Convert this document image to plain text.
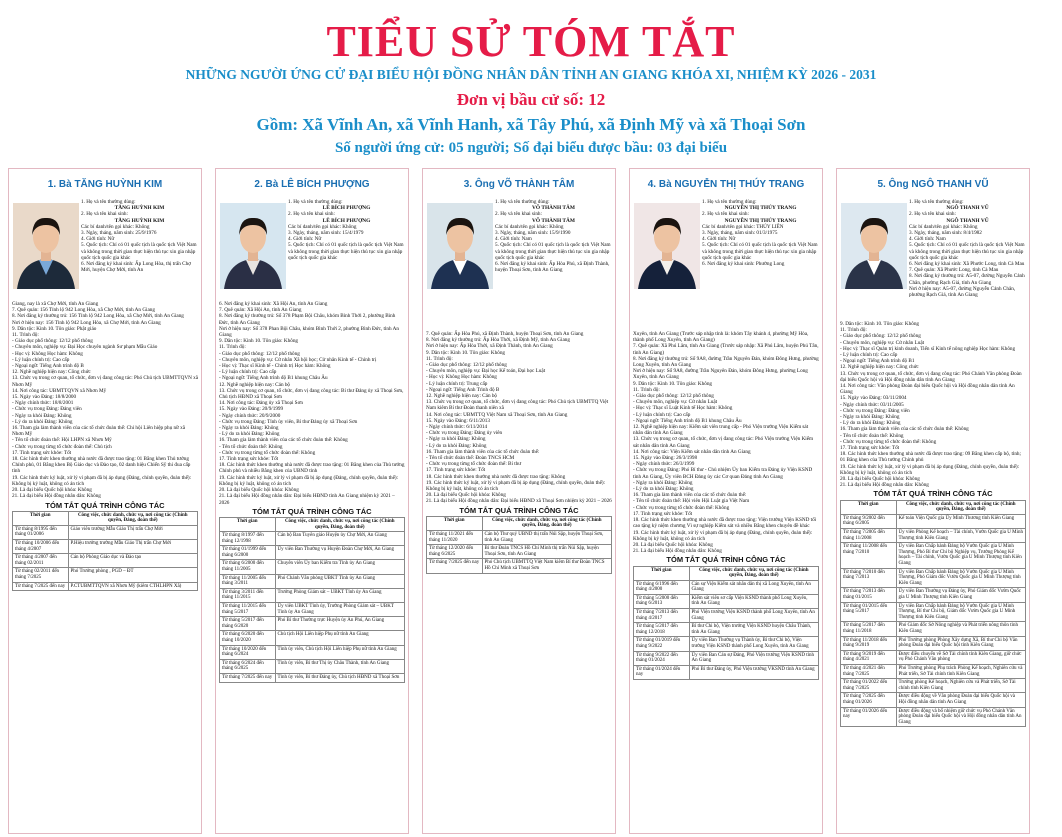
TIỂU SỬ TÓM TẮT
NHỮNG NGƯỜI ỨNG CỬ ĐẠI BIỂU HỘI ĐỒNG NHÂN DÂN TỈNH AN GIANG KHÓA XI, NHIỆM KỲ 2026 - 2031
Đơn vị bầu cử số: 12
Gồm: Xã Vĩnh An, xã Vĩnh Hanh, xã Tây Phú, xã Định Mỹ và xã Thoại Sơn
Số người ứng cử: 05 người; Số đại biểu được bầu: 03 đại biểu
1. Bà TĂNG HUỲNH KIM
1. Họ và tên thường dùng:
TĂNG HUỲNH KIM
2. Họ và tên khai sinh:
TĂNG HUỲNH KIM
Các bí danh/tên gọi khác: Không
3. Ngày, tháng, năm sinh: 25/9/1976
4. Giới tính: Nữ
5. Quốc tịch: Chỉ có 01 quốc tịch là quốc tịch Việt Nam và không trong thời gian thực hiện thủ tục xin gia nhập quốc tịch quốc gia khác
6. Nơi đăng ký khai sinh: Ấp Long Hòa, thị trấn Chợ Mới, huyện Chợ Mới, tỉnh An
Giang, nay là xã Chợ Mới, tỉnh An Giang
7. Quê quán: 156 Tỉnh lộ 942 Long Hòa, xã Chợ Mới, tỉnh An Giang
8. Nơi đăng ký thường trú: 156 Tỉnh lộ 942 Long Hòa, xã Chợ Mới, tỉnh An Giang
Nơi ở hiện nay: 156 Tỉnh lộ 942 Long Hòa, xã Chợ Mới, tỉnh An Giang
9. Dân tộc: Kinh 10. Tôn giáo: Phật giáo
11. Trình độ:
- Giáo dục phổ thông: 12/12 phổ thông
- Chuyên môn, nghiệp vụ: Đại Học chuyên ngành Sư phạm Mẫu Giáo
- Học vị: Không Học hàm: Không
- Lý luận chính trị: Cao cấp
- Ngoại ngữ: Tiếng Anh trình độ B
12. Nghề nghiệp hiện nay: Công chức
13. Chức vụ trong cơ quan, tổ chức, đơn vị đang công tác: Phó Chủ tịch UBMTTQVN xã Nhơn Mỹ
14. Nơi công tác: UBMTTQVN xã Nhơn Mỹ
15. Ngày vào Đảng: 18/8/2000
- Ngày chính thức: 18/8/2001
- Chức vụ trong Đảng: Đảng viên
- Ngày ra khỏi Đảng: Không
- Lý do ra khỏi Đảng: Không
16. Tham gia làm thành viên của các tổ chức đoàn thể: Chi hội Liên hiệp phụ nữ xã Nhơn Mỹ
- Tên tổ chức đoàn thể: Hội LHPN xã Nhơn Mỹ
- Chức vụ trong từng tổ chức đoàn thể: Chủ tịch
17. Tình trạng sức khỏe: Tốt
18. Các hình thức khen thưởng nhà nước đã được trao tặng: 01 Bằng khen Thủ tướng Chính phủ, 01 Bằng khen Bộ Giáo dục và Đào tạo, 02 danh hiệu Chiến Sỹ thi đua cấp tỉnh
19. Các hình thức kỷ luật, xử lý vi phạm đã bị áp dụng (Đảng, chính quyền, đoàn thể): Không bị kỷ luật, không có án tích
20. Là đại biểu Quốc hội khóa: Không
21. Là đại biểu Hội đồng nhân dân: Không
TÓM TẮT QUÁ TRÌNH CÔNG TÁC
Thời gian	Công việc, chức danh, chức vụ, nơi công tác (Chính quyền, Đảng, đoàn thể)
Từ tháng 8/1995 đến tháng 01/2006	Giáo viên trường Mẫu Giáo Thị trấn Chợ Mới
Từ tháng 10/2006 đến tháng 4/2007	P.Hiệu trưởng trường Mẫu Giáo Thị trấn Chợ Mới
Từ tháng 4/2007 đến tháng 02/2011	Cán bộ Phòng Giáo dục và Đào tạo
Từ tháng 02/2011 đến tháng 7/2025	Phó Trưởng phòng , PGD – ĐT
Từ tháng 7/2025 đến nay	P.CTUBMTTQVN xã Nhơn Mỹ (kiêm CTHLHPN Xã)
2. Bà LÊ BÍCH PHƯỢNG
1. Họ và tên thường dùng:
LÊ BÍCH PHƯỢNG
2. Họ và tên khai sinh:
LÊ BÍCH PHƯỢNG
Các bí danh/tên gọi khác: Không
3. Ngày, tháng, năm sinh: 15/4/1979
4. Giới tính: Nữ
5. Quốc tịch: Chỉ có 01 quốc tịch là quốc tịch Việt Nam và không trong thời gian thực hiện thủ tục xin gia nhập quốc tịch quốc gia khác
6. Nơi đăng ký khai sinh: Xã Hội An, tỉnh An Giang
7. Quê quán: Xã Hội An, tỉnh An Giang
8. Nơi đăng ký thường trú: Số 378 Phạm Bội Châu, khóm Bình Thới 2, phường Bình Đức, tỉnh An Giang
Nơi ở hiện nay: Số 378 Phan Bội Châu, khóm Bình Thới 2, phường Bình Đức, tỉnh An Giang
9. Dân tộc: Kinh 10. Tôn giáo: Không
11. Trình độ:
- Giáo dục phổ thông: 12/12 phổ thông
- Chuyên môn, nghiệp vụ: Cử nhân Xã hội học; Cử nhân Kinh tế - Chính trị
- Học vị: Thạc sĩ Kinh tế - Chính trị Học hàm: Không
- Lý luận chính trị: Cao cấp
- Ngoại ngữ: Tiếng Anh trình độ B1 khung Châu Âu
12. Nghề nghiệp hiện nay: Cán bộ
13. Chức vụ trong cơ quan, tổ chức, đơn vị đang công tác: Bí thư Đảng ủy xã Thoại Sơn, Chủ tịch HĐND xã Thoại Sơn
14. Nơi công tác: Đảng ủy xã Thoại Sơn
15. Ngày vào Đảng: 20/9/1999
- Ngày chính thức: 20/9/2000
- Chức vụ trong Đảng: Tỉnh ủy viên, Bí thư Đảng ủy xã Thoại Sơn
- Ngày ra khỏi Đảng: Không
- Lý do ra khỏi Đảng: Không
16. Tham gia làm thành viên của các tổ chức đoàn thể: Không
- Tên tổ chức đoàn thể: Không
- Chức vụ trong từng tổ chức đoàn thể: Không
17. Tình trạng sức khỏe: Tốt
18. Các hình thức khen thưởng nhà nước đã được trao tặng: 01 Bằng khen của Thủ tướng Chính phủ và nhiều Bằng khen của UBND tỉnh
19. Các hình thức kỷ luật, xử lý vi phạm đã bị áp dụng (Đảng, chính quyền, đoàn thể): Không bị kỷ luật, không có án tích
20. Là đại biểu Quốc hội khóa: Không
21. Là đại biểu Hội đồng nhân dân: Đại biểu HĐND tỉnh An Giang nhiệm kỳ 2021 – 2026
TÓM TẮT QUÁ TRÌNH CÔNG TÁC
Thời gian	Công việc, chức danh, chức vụ, nơi công tác (Chính quyền, Đảng, đoàn thể)
Từ tháng 8/1997 đến tháng 12/1998	Cán bộ Ban Tuyên giáo Huyện ủy Chợ Mới, An Giang
Từ tháng 01/1999 đến tháng 6/2000	Ủy viên Ban Thường vụ Huyện Đoàn Chợ Mới, An Giang
Từ tháng 6/2000 đến tháng 11/2005	Chuyên viên Ủy ban Kiểm tra Tỉnh ủy An Giang
Từ tháng 11/2005 đến tháng 3/2011	Phó Chánh Văn phòng UBKT Tỉnh ủy An Giang
Từ tháng 3/2011 đến tháng 11/2015	Trưởng Phòng Giám sát – UBKT Tỉnh ủy An Giang
Từ tháng 11/2015 đến tháng 5/2017	Ủy viên UBKT Tỉnh ủy, Trưởng Phòng Giám sát – UBKT Tỉnh ủy An Giang
Từ tháng 5/2017 đến tháng 6/2020	Phó Bí thư Thường trực Huyện ủy An Phú, An Giang
Từ tháng 6/2020 đến tháng 10/2020	Chủ tịch Hội Liên hiệp Phụ nữ tỉnh An Giang
Từ tháng 10/2020 đến tháng 6/2024	Tỉnh ủy viên, Chủ tịch Hội Liên hiệp Phụ nữ tỉnh An Giang
Từ tháng 6/2024 đến tháng 6/2025	Tỉnh ủy viên, Bí thư Thị ủy Châu Thành, tỉnh An Giang
Từ tháng 7/2025 đến nay	Tỉnh ủy viên, Bí thư Đảng ủy, Chủ tịch HĐND xã Thoại Sơn
3. Ông VÕ THÀNH TÂM
1. Họ và tên thường dùng:
VÕ THÀNH TÂM
2. Họ và tên khai sinh:
VÕ THÀNH TÂM
Các bí danh/tên gọi khác: Không
3. Ngày, tháng, năm sinh: 15/9/1990
4. Giới tính: Nam
5. Quốc tịch: Chỉ có 01 quốc tịch là quốc tịch Việt Nam và không trong thời gian thực hiện thủ tục xin gia nhập quốc tịch quốc gia khác
6. Nơi đăng ký khai sinh: Ấp Hòa Phú, xã Định Thành, huyện Thoại Sơn, tỉnh An Giang
7. Quê quán: Ấp Hòa Phú, xã Định Thành, huyện Thoại Sơn, tỉnh An Giang
8. Nơi đăng ký thường trú: Ấp Hòa Thới, xã Định Mỹ, tỉnh An Giang
Nơi ở hiện nay: Ấp Hòa Thới, xã Định Thành, tỉnh An Giang
9. Dân tộc: Kinh 10. Tôn giáo: Không
11. Trình độ:
- Giáo dục phổ thông: 12/12 phổ thông
- Chuyên môn, nghiệp vụ: Đại học Kế toán, Đại học Luật
- Học vị: Không Học hàm: Không
- Lý luận chính trị: Trung cấp
- Ngoại ngữ: Tiếng Anh Trình độ B
12. Nghề nghiệp hiện nay: Cán bộ
13. Chức vụ trong cơ quan, tổ chức, đơn vị đang công tác: Phó Chủ tịch UBMTTQ Việt Nam kiêm Bí thư Đoàn thanh niên xã
14. Nơi công tác: UBMTTQ Việt Nam xã Thoại Sơn, tỉnh An Giang
15. Ngày vào Đảng: 6/11/2013
- Ngày chính thức: 6/11/2014
- Chức vụ trong Đảng: Đảng ủy viên
- Ngày ra khỏi Đảng: Không
- Lý do ra khỏi Đảng: Không
16. Tham gia làm thành viên của các tổ chức đoàn thể:
- Tên tổ chức đoàn thể: Đoàn TNCS HCM
- Chức vụ trong từng tổ chức đoàn thể: Bí thư
17. Tình trạng sức khỏe: Tốt
18. Các hình thức khen thưởng nhà nước đã được trao tặng: Không
19. Các hình thức kỷ luật, xử lý vi phạm đã bị áp dụng (Đảng, chính quyền, đoàn thể): Không bị kỷ luật, không có án tích
20. Là đại biểu Quốc hội khóa: Không
21. Là đại biểu Hội đồng nhân dân: Đại biểu HĐND xã Thoại Sơn nhiệm kỳ 2021 – 2026
TÓM TẮT QUÁ TRÌNH CÔNG TÁC
Thời gian	Công việc, chức danh, chức vụ, nơi công tác (Chính quyền, Đảng, đoàn thể)
Từ tháng 11/2021 đến tháng 11/2020	Cán bộ Thư quý UBND thị trấn Núi Sập, huyện Thoại Sơn, tỉnh An Giang
Từ tháng 12/2020 đến tháng 6/2025	Bí thư Đoàn TNCS Hồ Chí Minh thị trấn Núi Sập, huyện Thoại Sơn, tỉnh An Giang
Từ tháng 7/2025 đến nay	Phó Chủ tịch UBMTTQ Việt Nam kiêm Bí thư Đoàn TNCS Hồ Chí Minh xã Thoại Sơn
4. Bà NGUYỄN THỊ THÚY TRANG
1. Họ và tên thường dùng:
NGUYỄN THỊ THÚY TRANG
2. Họ và tên khai sinh:
NGUYỄN THỊ THÚY TRANG
Các bí danh/tên gọi khác: THÚY LIÊN
3. Ngày, tháng, năm sinh: 01/3/1975
4. Giới tính: Nữ
5. Quốc tịch: Chỉ có 01 quốc tịch là quốc tịch Việt Nam và không trong thời gian thực hiện thủ tục xin gia nhập quốc tịch quốc gia khác
6. Nơi đăng ký khai sinh: Phường Long
Xuyên, tỉnh An Giang (Trước sáp nhập tỉnh là: khóm Tây khánh 4, phường Mỹ Hòa, thành phố Long Xuyên, tỉnh An Giang)
7. Quê quán: Xã Phú Lâm, tỉnh An Giang (Trước sáp nhập: Xã Phú Lâm, huyện Phú Tân, tỉnh An Giang)
8. Nơi đăng ký thường trú: Số 9A8, đường Trần Nguyên Đán, khóm Đông Hưng, phường Long Xuyên, tỉnh An Giang
Nơi ở hiện nay: Số 9A8, đường Trần Nguyên Đán, khóm Đông Hưng, phường Long Xuyên, tỉnh An Giang
9. Dân tộc: Kinh 10. Tôn giáo: Không
11. Trình độ:
- Giáo dục phổ thông: 12/12 phổ thông
- Chuyên môn, nghiệp vụ: Cử nhân Luật
- Học vị: Thạc sĩ Luật Kinh tế Học hàm: Không
- Lý luận chính trị: Cao cấp
- Ngoại ngữ: Tiếng Anh trình độ B1 khung Châu Âu
12. Nghề nghiệp hiện nay: Kiểm sát viên trung cấp - Phó Viện trưởng Viện Kiểm sát nhân dân tỉnh An Giang
13. Chức vụ trong cơ quan, tổ chức, đơn vị đang công tác: Phó Viện trưởng Viện Kiểm sát nhân dân tỉnh An Giang
14. Nơi công tác: Viện Kiểm sát nhân dân tỉnh An Giang
15. Ngày vào Đảng: 26/3/1998
- Ngày chính thức: 26/3/1999
- Chức vụ trong Đảng: Phó Bí thư - Chủ nhiệm Ủy ban Kiểm tra Đảng ủy Viện KSND tỉnh An Giang, Ủy viên BCH Đảng ủy các Cơ quan Đảng tỉnh An Giang
- Ngày ra khỏi Đảng: Không
- Lý do ra khỏi Đảng: Không
16. Tham gia làm thành viên của các tổ chức đoàn thể:
- Tên tổ chức đoàn thể: Hội viên Hội Luật gia Việt Nam
- Chức vụ trong từng tổ chức đoàn thể: Không
17. Tình trạng sức khỏe: Tốt
18. Các hình thức khen thưởng nhà nước đã được trao tặng: Viện trưởng Viện KSND tối cao tặng kỷ niệm chương Vì sự nghiệp Kiểm sát và nhiều Bằng khen chuyên đề khác
19. Các hình thức kỷ luật, xử lý vi phạm đã bị áp dụng (Đảng, chính quyền, đoàn thể): Không bị kỷ luật, không có án tích
20. Là đại biểu Quốc hội khóa: Không
21. Là đại biểu Hội đồng nhân dân: Không
TÓM TẮT QUÁ TRÌNH CÔNG TÁC
Thời gian	Công việc, chức danh, chức vụ, nơi công tác (Chính quyền, Đảng, đoàn thể)
Từ tháng 6/1996 đến tháng 4/2000	Cán sự Viện Kiểm sát nhân dân thị xã Long Xuyên, tỉnh An Giang
Từ tháng 5/2000 đến tháng 6/2013	Kiểm sát viên sơ cấp Viện KSND thành phố Long Xuyên, tỉnh An Giang
Từ tháng 7/2013 đến tháng 4/2017	Phó Viện trưởng Viện KSND thành phố Long Xuyên, tỉnh An Giang
Từ tháng 5/2017 đến tháng 12/2018	Bí thư Chi bộ, Viện trưởng Viện KSND huyện Châu Thành, tỉnh An Giang
Từ tháng 01/2019 đến tháng 9/2022	Ủy viên Ban Thường vụ Thành ủy, Bí thư Chi bộ, Viện trưởng Viện KSND thành phố Long Xuyên, tỉnh An Giang
Từ tháng 9/2022 đến tháng 01/2024	Ủy viên Ban Cán sự Đảng, Phó Viện trưởng Viện KSND tỉnh An Giang
Từ tháng 01/2024 đến nay	Phó Bí thư Đảng ủy, Phó Viện trưởng VKSND tỉnh An Giang
5. Ông NGÔ THANH VŨ
1. Họ và tên thường dùng:
NGÔ THANH VŨ
2. Họ và tên khai sinh:
NGÔ THANH VŨ
Các bí danh/tên gọi khác: Không
3. Ngày, tháng, năm sinh: 8/4/1982
4. Giới tính: Nam
5. Quốc tịch: Chỉ có 01 quốc tịch là quốc tịch Việt Nam và không trong thời gian thực hiện thủ tục xin gia nhập quốc tịch quốc gia khác
6. Nơi đăng ký khai sinh: Xã Phước Long, tỉnh Cà Mau
7. Quê quán: Xã Phước Long, tỉnh Cà Mau
8. Nơi đăng ký thường trú: A5-07, đường Nguyễn Cảnh Chân, phường Rạch Giá, tỉnh An Giang
Nơi ở hiện nay: A5-07, đường Nguyễn Cảnh Chân, phường Rạch Giá, tỉnh An Giang
9. Dân tộc: Kinh 10. Tôn giáo: Không
11. Trình độ:
- Giáo dục phổ thông: 12/12 phổ thông
- Chuyên môn, nghiệp vụ: Cử nhân Luật
- Học vị: Thạc sĩ Quản trị kinh doanh, Tiến sĩ Kinh tế nông nghiệp Học hàm: Không
- Lý luận chính trị: Cao cấp
- Ngoại ngữ: Tiếng Anh trình độ B1
12. Nghề nghiệp hiện nay: Công chức
13. Chức vụ trong cơ quan, tổ chức, đơn vị đang công tác: Phó Chánh Văn phòng Đoàn đại biểu Quốc hội và Hội đồng nhân dân tỉnh An Giang
14. Nơi công tác: Văn phòng Đoàn đại biểu Quốc hội và Hội đồng nhân dân tỉnh An Giang
15. Ngày vào Đảng: 03/11/2004
- Ngày chính thức: 03/11/2005
- Chức vụ trong Đảng: Đảng viên
- Ngày ra khỏi Đảng: Không
- Lý do ra khỏi Đảng: Không
16. Tham gia làm thành viên của các tổ chức đoàn thể: Không
- Tên tổ chức đoàn thể: Không
- Chức vụ trong từng tổ chức đoàn thể: Không
17. Tình trạng sức khỏe: Tốt
18. Các hình thức khen thưởng nhà nước đã được trao tặng: 09 Bằng khen cấp bộ, tỉnh; 01 Bằng khen của Thủ tướng Chính phủ
19. Các hình thức kỷ luật, xử lý vi phạm đã bị áp dụng (Đảng, chính quyền, đoàn thể): Không bị kỷ luật, không có án tích
20. Là đại biểu Quốc hội khóa: Không
21. Là đại biểu Hội đồng nhân dân: Không
TÓM TẮT QUÁ TRÌNH CÔNG TÁC
Thời gian	Công việc, chức danh, chức vụ, nơi công tác (Chính quyền, Đảng, đoàn thể)
Từ tháng 9/2002 đến tháng 6/2005	Kế toán Viện Quốc gia Ủy Minh Thương tỉnh Kiên Giang
Từ tháng 7/2005 đến tháng 11/2008	Ủy viên Phòng Kế hoạch – Tài chính, Vườn Quốc gia U Minh Thượng tỉnh Kiên Giang
Từ tháng 11/2008 đến tháng 7/2010	Ủy viên Ban Chấp hành Đảng bộ Vườn Quốc gia U Minh Thượng, Phó Bí thư Chi bộ Nghiệp vụ, Trưởng Phòng Kế hoạch – Tài chính, Vườn Quốc gia U Minh Thượng tỉnh Kiên Giang
Từ tháng 7/2010 đến tháng 7/2013	Ủy viên Ban Chấp hành Đảng bộ Vườn Quốc gia U Minh Thượng, Phó Giám đốc Vườn Quốc gia U Minh Thượng tỉnh Kiên Giang
Từ tháng 7/2013 đến tháng 01/2015	Ủy viên Ban Thường vụ Đảng ủy, Phó Giám đốc Vườn Quốc gia U Minh Thượng tỉnh Kiên Giang
Từ tháng 01/2015 đến tháng 5/2017	Ủy viên Ban Chấp hành Đảng bộ Vườn Quốc gia U Minh Thượng, Bí thư Chi bộ, Giám đốc Vườn Quốc gia U Minh Thượng tỉnh Kiên Giang
Từ tháng 5/2017 đến tháng 11/2018	Phó Giám đốc Sở Nông nghiệp và Phát triển nông thôn tỉnh Kiên Giang
Từ tháng 11/2018 đến tháng 9/2019	Phó Trưởng phòng Phòng Xây dựng Xã, Bí thư Chi bộ Văn phòng Đoàn đại biểu Quốc hội tỉnh Kiên Giang
Từ tháng 9/2019 đến tháng 4/2021	Được điều chuyển về Sở Tài chính tỉnh Kiên Giang, giữ chức vụ Phó Chánh Văn phòng
Từ tháng 4/2021 đến tháng 7/2025	Phó Trưởng phòng Phụ trách Phòng Kế hoạch, Nghiên cứu và Phát triển, Sở Tài chính tỉnh Kiên Giang
Từ tháng 01/2022 đến tháng 7/2025	Trưởng phòng Kế hoạch, Nghiên cứu và Phát triển, Sở Tài chính tỉnh Kiên Giang
Từ tháng 7/2025 đến tháng 01/2026	Được điều động về Văn phòng Đoàn đại biểu Quốc hội và Hội đồng nhân dân tỉnh An Giang
Từ tháng 01/2026 đến nay	Được điều động và bổ nhiệm giữ chức vụ Phó Chánh Văn phòng Đoàn đại biểu Quốc hội và Hội đồng nhân dân tỉnh An Giang
